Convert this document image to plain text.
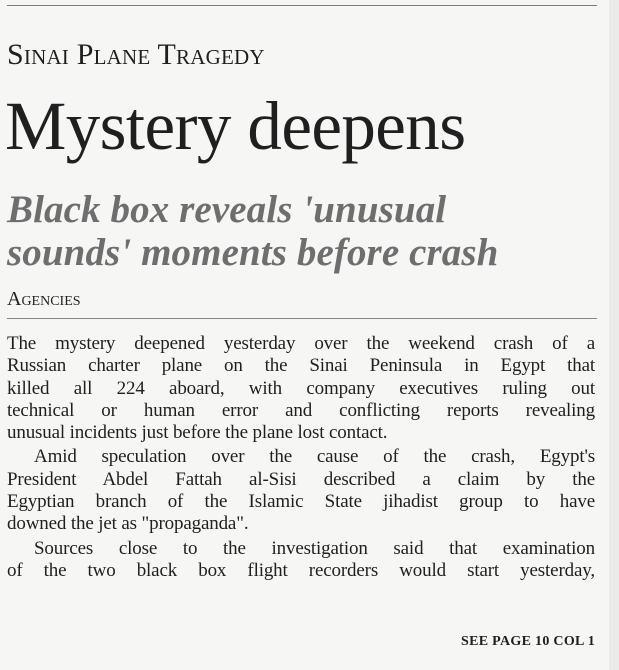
Sinai Plane Tragedy
Mystery deepens
Black box reveals 'unusual
sounds' moments before crash
Agencies

The mystery deepened yesterday over the weekend crash of a
Russian charter plane on the Sinai Peninsula in Egypt that
killed all 224 aboard, with company executives ruling out
technical or human error and conflicting reports revealing
unusual incidents just before the plane lost contact.

Amid speculation over the cause of the crash, Egypt's
President Abdel Fattah al-Sisi described a claim by the
Egyptian branch of the Islamic State jihadist group to have
downed the jet as "propaganda".

Sources close to the investigation said that examination
of the two black box flight recorders would start yesterday,

SEE PAGE 10 COL 1
